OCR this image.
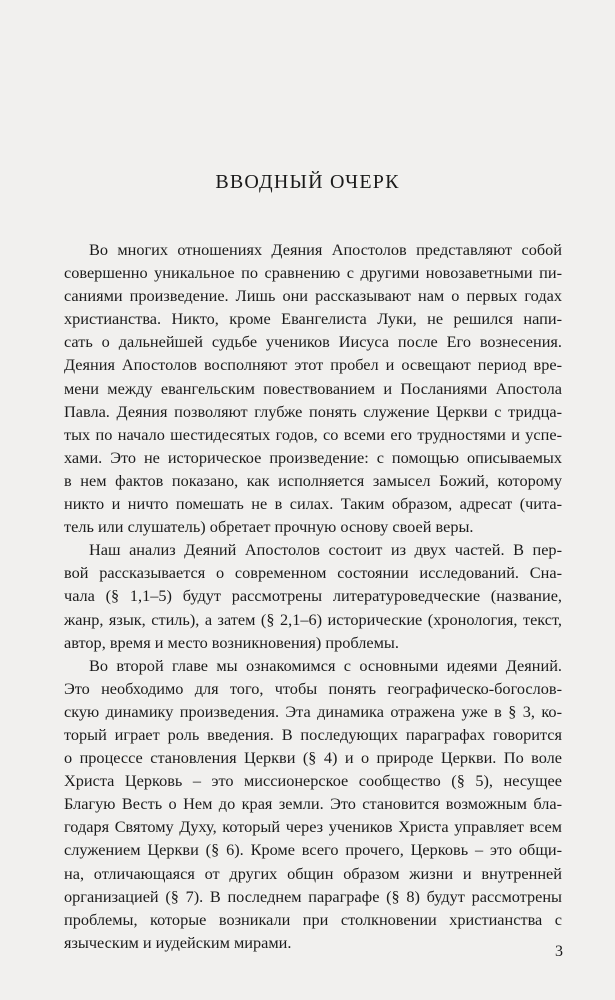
ВВОДНЫЙ ОЧЕРК
Во многих отношениях Деяния Апостолов представляют собой
совершенно уникальное по сравнению с другими новозаветными пи-
саниями произведение. Лишь они рассказывают нам о первых годах
христианства. Никто, кроме Евангелиста Луки, не решился напи-
сать о дальнейшей судьбе учеников Иисуса после Его вознесения.
Деяния Апостолов восполняют этот пробел и освещают период вре-
мени между евангельским повествованием и Посланиями Апостола
Павла. Деяния позволяют глубже понять служение Церкви с тридца-
тых по начало шестидесятых годов, со всеми его трудностями и успе-
хами. Это не историческое произведение: с помощью описываемых
в нем фактов показано, как исполняется замысел Божий, которому
никто и ничто помешать не в силах. Таким образом, адресат (чита-
тель или слушатель) обретает прочную основу своей веры.
Наш анализ Деяний Апостолов состоит из двух частей. В пер-
вой рассказывается о современном состоянии исследований. Сна-
чала (§ 1,1–5) будут рассмотрены литературоведческие (название,
жанр, язык, стиль), а затем (§ 2,1–6) исторические (хронология, текст,
автор, время и место возникновения) проблемы.
Во второй главе мы ознакомимся с основными идеями Деяний.
Это необходимо для того, чтобы понять географическо-богослов-
скую динамику произведения. Эта динамика отражена уже в § 3, ко-
торый играет роль введения. В последующих параграфах говорится
о процессе становления Церкви (§ 4) и о природе Церкви. По воле
Христа Церковь – это миссионерское сообщество (§ 5), несущее
Благую Весть о Нем до края земли. Это становится возможным бла-
годаря Святому Духу, который через учеников Христа управляет всем
служением Церкви (§ 6). Кроме всего прочего, Церковь – это общи-
на, отличающаяся от других общин образом жизни и внутренней
организацией (§ 7). В последнем параграфе (§ 8) будут рассмотрены
проблемы, которые возникали при столкновении христианства с
языческим и иудейским мирами.	3
